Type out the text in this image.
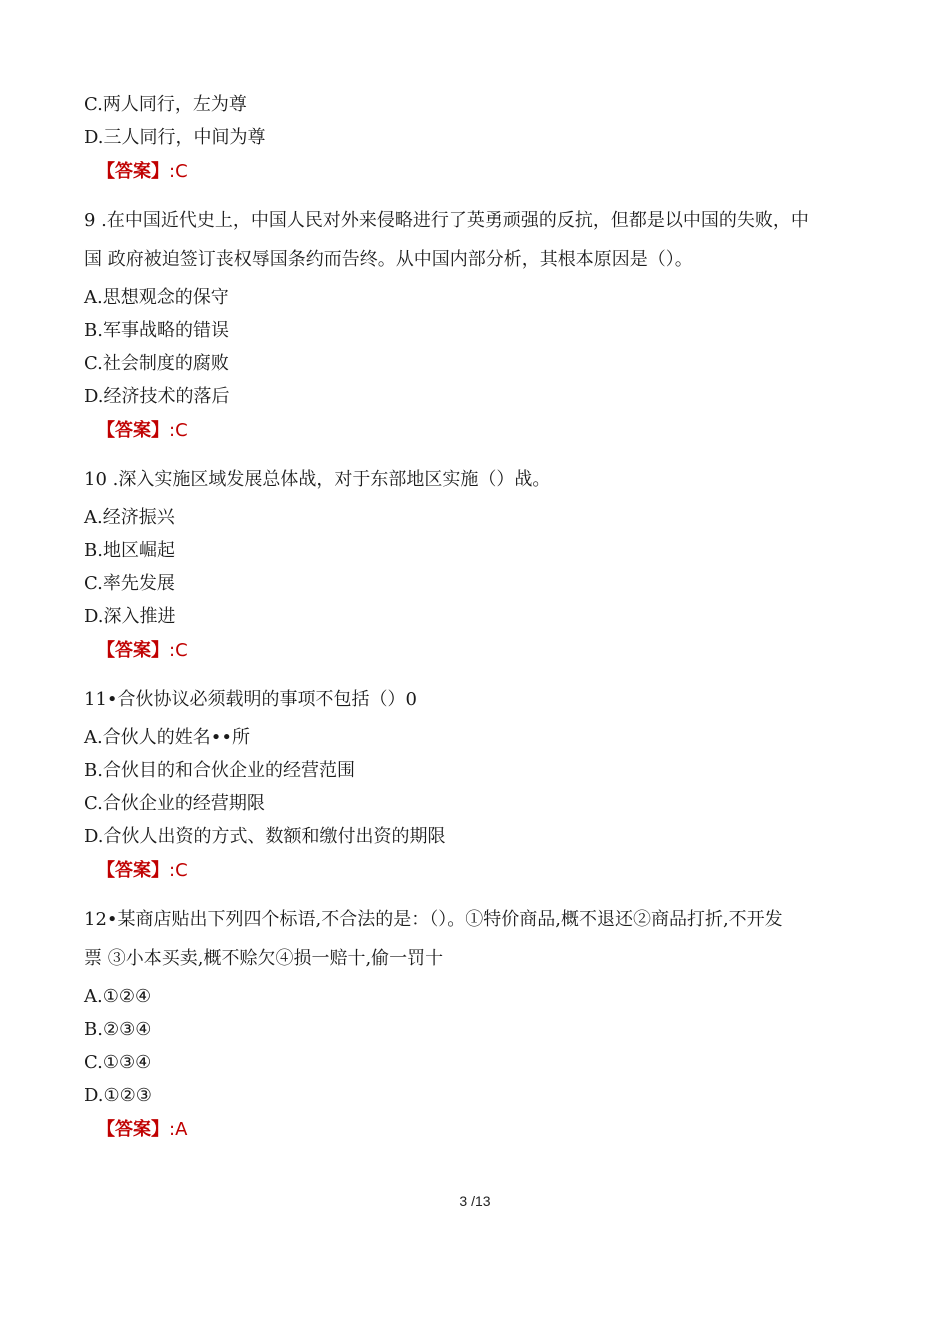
C.两人同行，左为尊
D.三人同行，中间为尊
【答案】:C
9 .在中国近代史上，中国人民对外来侵略进行了英勇顽强的反抗，但都是以中国的失败，中
国 政府被迫签订丧权辱国条约而告终。从中国内部分析，其根本原因是（）。
A.思想观念的保守
B.军事战略的错误
C.社会制度的腐败
D.经济技术的落后
【答案】:C
10 .深入实施区域发展总体战，对于东部地区实施（）战。
A.经济振兴
B.地区崛起
C.率先发展
D.深入推进
【答案】:C
11•合伙协议必须载明的事项不包括（）0
A.合伙人的姓名••所
B.合伙目的和合伙企业的经营范围
C.合伙企业的经营期限
D.合伙人出资的方式、数额和缴付出资的期限
【答案】:C
12•某商店贴出下列四个标语,不合法的是：（）。①特价商品,概不退还②商品打折,不开发
票 ③小本买卖,概不赊欠④损一赔十,偷一罚十
A.①②④
B.②③④
C.①③④
D.①②③
【答案】:A
3 /13
